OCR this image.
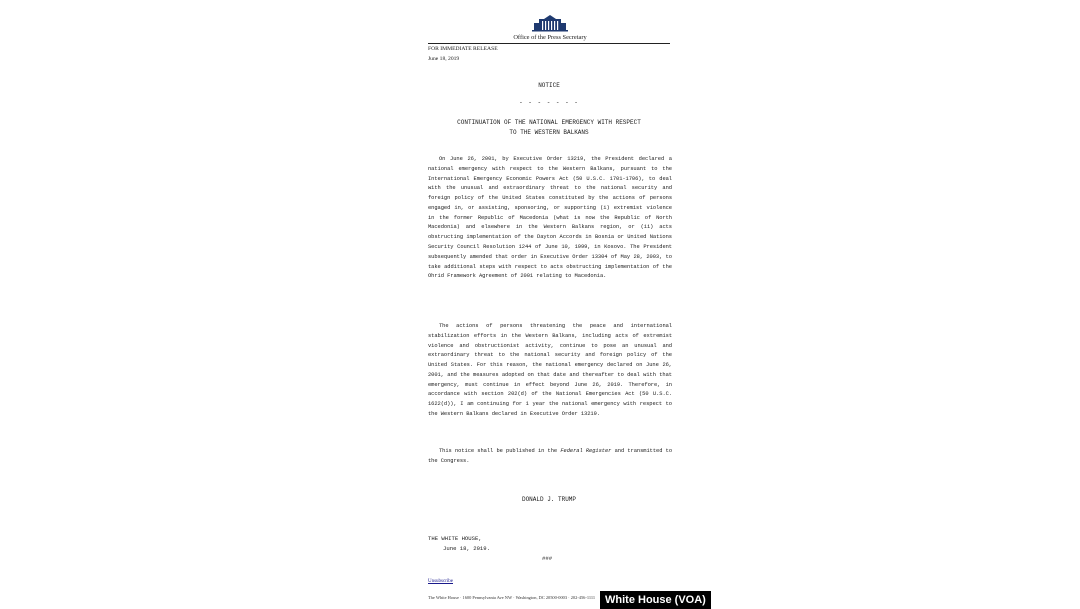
Office of the Press Secretary
FOR IMMEDIATE RELEASE
June 18, 2019
NOTICE
- - - - - - -
CONTINUATION OF THE NATIONAL EMERGENCY WITH RESPECT
TO THE WESTERN BALKANS

On June 26, 2001, by Executive Order 13219, the President declared a national emergency with respect to the Western Balkans, pursuant to the International Emergency Economic Powers Act (50 U.S.C. 1701-1706), to deal with the unusual and extraordinary threat to the national security and foreign policy of the United States constituted by the actions of persons engaged in, or assisting, sponsoring, or supporting (i) extremist violence in the former Republic of Macedonia (what is now the Republic of North Macedonia) and elsewhere in the Western Balkans region, or (ii) acts obstructing implementation of the Dayton Accords in Bosnia or United Nations Security Council Resolution 1244 of June 10, 1999, in Kosovo. The President subsequently amended that order in Executive Order 13304 of May 28, 2003, to take additional steps with respect to acts obstructing implementation of the Ohrid Framework Agreement of 2001 relating to Macedonia.

The actions of persons threatening the peace and international stabilization efforts in the Western Balkans, including acts of extremist violence and obstructionist activity, continue to pose an unusual and extraordinary threat to the national security and foreign policy of the United States. For this reason, the national emergency declared on June 26, 2001, and the measures adopted on that date and thereafter to deal with that emergency, must continue in effect beyond June 26, 2019. Therefore, in accordance with section 202(d) of the National Emergencies Act (50 U.S.C. 1622(d)), I am continuing for 1 year the national emergency with respect to the Western Balkans declared in Executive Order 13219.

This notice shall be published in the Federal Register and transmitted to the Congress.

DONALD J. TRUMP
THE WHITE HOUSE,
June 18, 2019.
###
Unsubscribe
The White House · 1600 Pennsylvania Ave NW · Washington, DC 20500-0003 · 202-456-1111 White House (VOA)
